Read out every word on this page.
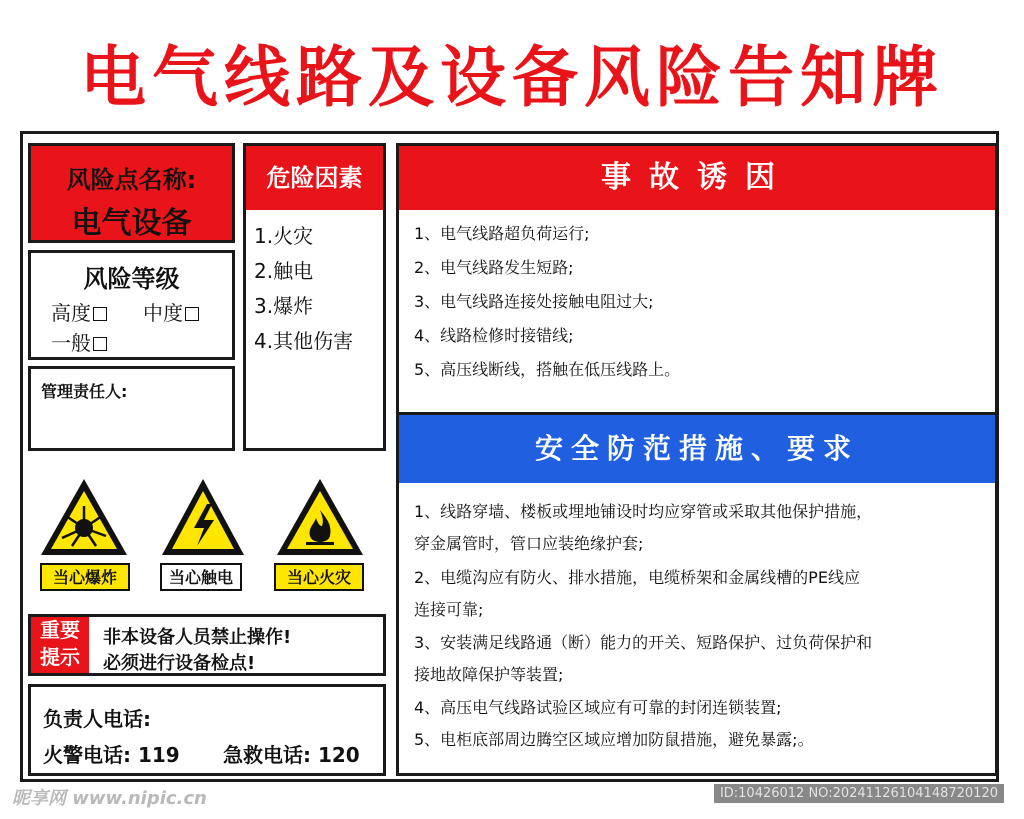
电气线路及设备风险告知牌
风险点名称:
电气设备
风险等级
高度	中度
一般
管理责任人:
危险因素
1.火灾
2.触电
3.爆炸
4.其他伤害
事故诱因
1、电气线路超负荷运行;
2、电气线路发生短路;
3、电气线路连接处接触电阻过大;
4、线路检修时接错线;
5、高压线断线，搭触在低压线路上。
安全防范措施、要求
1、线路穿墙、楼板或埋地铺设时均应穿管或采取其他保护措施，
穿金属管时，管口应装绝缘护套;
2、电缆沟应有防火、排水措施，电缆桥架和金属线槽的PE线应
连接可靠;
3、安装满足线路通（断）能力的开关、短路保护、过负荷保护和
接地故障保护等装置;
4、高压电气线路试验区域应有可靠的封闭连锁装置;
5、电柜底部周边腾空区域应增加防鼠措施，避免暴露;。
当心爆炸	当心触电	当心火灾
重要
提示
非本设备人员禁止操作!
必须进行设备检点!
负责人电话:
火警电话: 119 急救电话: 120
昵享网 www.nipic.cn	ID:10426012 NO:20241126104148720120
